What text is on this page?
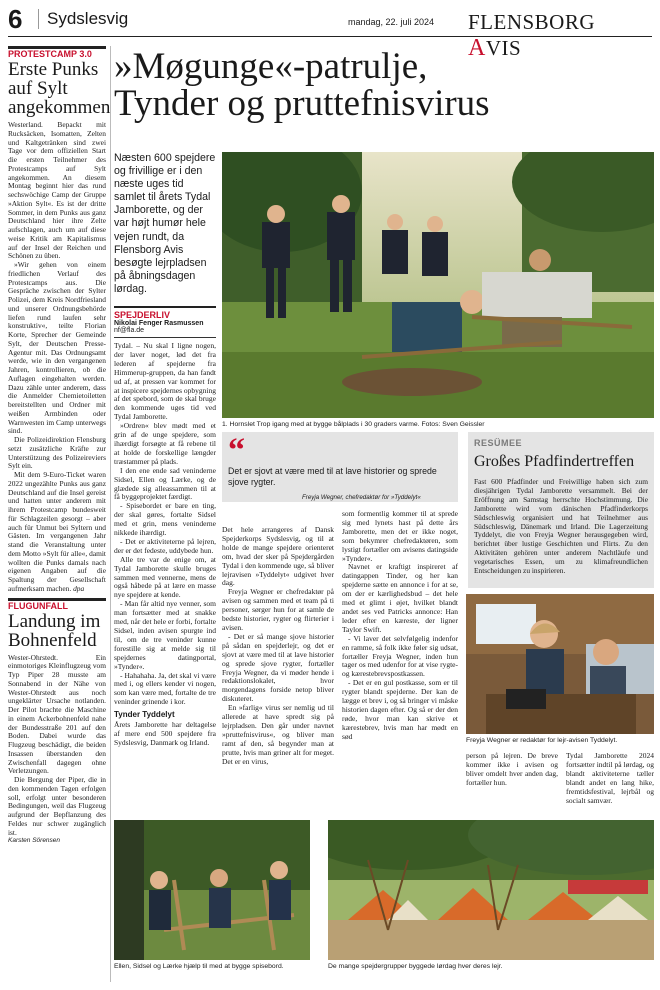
6	Sydslesvig	mandag, 22. juli 2024 FLENSBORG AVIS
PROTESTCAMP 3.0
Erste Punks auf Sylt angekommen

Westerland. Bepackt mit Rucksäcken, Isomatten, Zelten und Kaltgetränken sind zwei Tage vor dem offiziellen Start die ersten Teilnehmer des Protestcamps auf Sylt angekommen. An diesem Montag beginnt hier das rund sechswöchige Camp der Gruppe »Aktion Sylt«. Es ist der dritte Sommer, in dem Punks aus ganz Deutschland hier ihre Zelte aufschlagen, auch um auf diese weise Kritik am Kapitalismus auf der Insel der Reichen und Schönen zu üben.

»Wir gehen von einem friedlichen Verlauf des Protestcamps aus. Die Gespräche zwischen der Sylter Polizei, dem Kreis Nordfriesland und unserer Ordnungsbehörde liefen rund laufen sehr konstruktiv«, teilte Florian Korte, Sprecher der Gemeinde Sylt, der Deutschen Presse-Agentur mit. Das Ordnungsamt werde, wie in den vergangenen Jahren, kontrollieren, ob die Auflagen eingehalten werden. Dazu zähle unter anderem, dass die Anmelder Chemietoiletten bereitstellten und Ordner mit weißen Armbinden oder Warnwesten im Camp unterwegs sind.

Die Polizeidirektion Flensburg setzt zusätzliche Kräfte zur Unterstützung des Polizeireviers Sylt ein.

Mit dem 9-Euro-Ticket waren 2022 ungezählte Punks aus ganz Deutschland auf die Insel gereist und hatten unter anderem mit ihrem Protestcamp bundesweit für Schlagzeilen gesorgt – aber auch für Unmut bei Syltern und Gästen. Im vergangenen Jahr stand die Veranstaltung unter dem Motto »Sylt für alle«, damit wollten die Punks damals nach eigenen Angaben auf die Spaltung der Gesellschaft aufmerksam machen. dpa

FLUGUNFALL
Landung im Bohnenfeld

Wester-Ohrstedt. Ein einmotoriges Kleinflugzeug vom Typ Piper 28 musste am Sonnabend in der Nähe von Wester-Ohrstedt aus noch ungeklärter Ursache notlanden. Der Pilot brachte die Maschine in einem Ackerbohnenfeld nahe der Bundesstraße 201 auf den Boden. Dabei wurde das Flugzeug beschädigt, die beiden Insassen überstanden den Zwischenfall dagegen ohne Verletzungen.

Die Bergung der Piper, die in den kommenden Tagen erfolgen soll, erfolgt unter besonderen Bedingungen, weil das Flugzeug aufgrund der Bepflanzung des Feldes nur schwer zugänglich ist.

Karsten Sörensen

»Møgunge«-patrulje,
Tynder og pruttefnisvirus
Næsten 600 spejdere og frivillige er i den næste uges tid samlet til årets Tydal Jamborette, og der var højt humør hele vejen rundt, da Flensborg Avis besøgte lejrpladsen på åbningsdagen lørdag.
1. Hornslet Trop igang med at bygge bålplads i 30 graders varme. Fotos: Sven Geissler
SPEJDERLIV
Nikolai Fenger Rasmussen
nf@fla.de

Tydal. – Nu skal I ligne nogen, der laver noget, lød det fra lederen af spejderne fra Himmerup-gruppen, da han fandt ud af, at pressen var kommet for at inspicere spejdernes opbygning af det spebord, som de skal bruge den kommende uges tid ved Tydal Jamborette.

»Ordren« blev mødt med et grin af de unge spejdere, som ihærdigt forsøgte at få rebene til at holde de forskellige længder træstammer på plads.

I den ene ende sad veninderne Sidsel, Ellen og Lærke, og de glædede sig alleassammen til at få byggeprojektet færdigt.

- Spisebordet er bare en ting, der skal gøres, fortalte Sidsel med et grin, mens veninderne nikkede ihærdigt.

- Det er aktiviteterne på lejren, der er det fedeste, uddybede hun.

Alle tre var de enige om, at Tydal Jamborette skulle bruges sammen med vennerne, mens de også håbede på at lære en masse nye spejdere at kende.

- Man får altid nye venner, som man fortsætter med at snakke med, når det hele er forbi, fortalte Sidsel, inden avisen spurgte ind til, om de tre veninder kunne forestille sig at melde sig til spejdernes datingportal, »Tynder«.

- Hahahaha. Ja, det skal vi være med i, og ellers kender vi nogen, som kan være med, fortalte de tre veninder grinende i kor.

Tynder Tyddelyt

Årets Jamborette har deltagelse af mere end 500 spejdere fra Sydslesvig, Danmark og Irland.

“
Det er sjovt at være med til at lave historier og sprede sjove rygter.
Freyja Wegner, chefredaktør for »Tyddelyt«

Det hele arrangeres af Dansk Spejderkorps Sydslesvig, og til at holde de mange spejdere orienteret om, hvad der sker på Spejdergården Tydal i den kommende uge, så bliver lejravisen »Tyddelyt« udgivet hver dag.

Freyja Wegner er chefredaktør på avisen og sammen med et team på ti personer, sørger hun for at samle de bedste historier, rygter og flirterier i avisen.

- Det er så mange sjove historier på sådan en spejderlejr, og det er sjovt at være med til at lave historier og sprede sjove rygter, fortæller Freyja Wegner, da vi møder hende i redaktionslokalet, hvor morgendagens forside netop bliver diskuteret.

En »farlig« virus ser nemlig ud til allerede at have spredt sig på lejrpladsen. Den går under navnet »pruttefnisvirus«, og bliver man ramt af den, så begynder man at prutte, hvis man griner alt for meget. Det er en virus,

som formentlig kommer til at sprede sig med lynets hast på dette års Jamborette, men det er ikke noget, som bekymrer chefredaktøren, som lystigt fortæller om avisens datingside »Tynder«.

Navnet er kraftigt inspireret af datingappen Tinder, og her kan spejderne sætte en annonce i for at se, om der er kærlighedsbud – det hele med et glimt i øjet, hvilket blandt andet ses ved Patricks annonce: Han leder efter en kæreste, der ligner Taylor Swift.

- Vi laver det selvfølgelig indenfor en ramme, så folk ikke føler sig udsat, fortæller Freyja Wegner, inden hun tager os med udenfor for at vise rygte- og kærestebrevspostkassen.

- Det er en gul postkasse, som er til rygter blandt spejderne. Der kan de lægge et brev i, og så bringer vi måske historien dagen efter. Og så er der den røde, hvor man kan skrive et kærestebrev, hvis man har mødt en sød

RESÜMEE
Großes Pfadfindertreffen
Fast 600 Pfadfinder und Freiwillige haben sich zum diesjährigen Tydal Jamborette versammelt. Bei der Eröffnung am Samstag herrschte Hochstimmung. Die Jamborette wird vom dänischen Pfadfinderkorps Südschleswig organisiert und hat Teilnehmer aus Südschleswig, Dänemark und Irland. Die Lagerzeitung Tyddelyt, die von Freyja Wegner herausgegeben wird, berichtet über lustige Geschichten und Flirts. Zu den Aktivitäten gehören unter anderem Nachtläufe und vegetarisches Essen, um zu klimafreundlichen Entscheidungen zu inspirieren.
Freyja Wegner er redaktør for lejr-avisen Tyddelyt.

person på lejren. De breve kommer ikke i avisen og bliver omdelt hver anden dag, fortæller hun.

Tydal Jamborette 2024 fortsætter indtil på lørdag, og blandt aktiviteterne tæller blandt andet en lang hike, fremtidsfestival, lejrbål og socialt samvær.

Ellen, Sidsel og Lærke hjælp til med at bygge spisebord.	De mange spejdergrupper byggede lørdag hver deres lejr.
